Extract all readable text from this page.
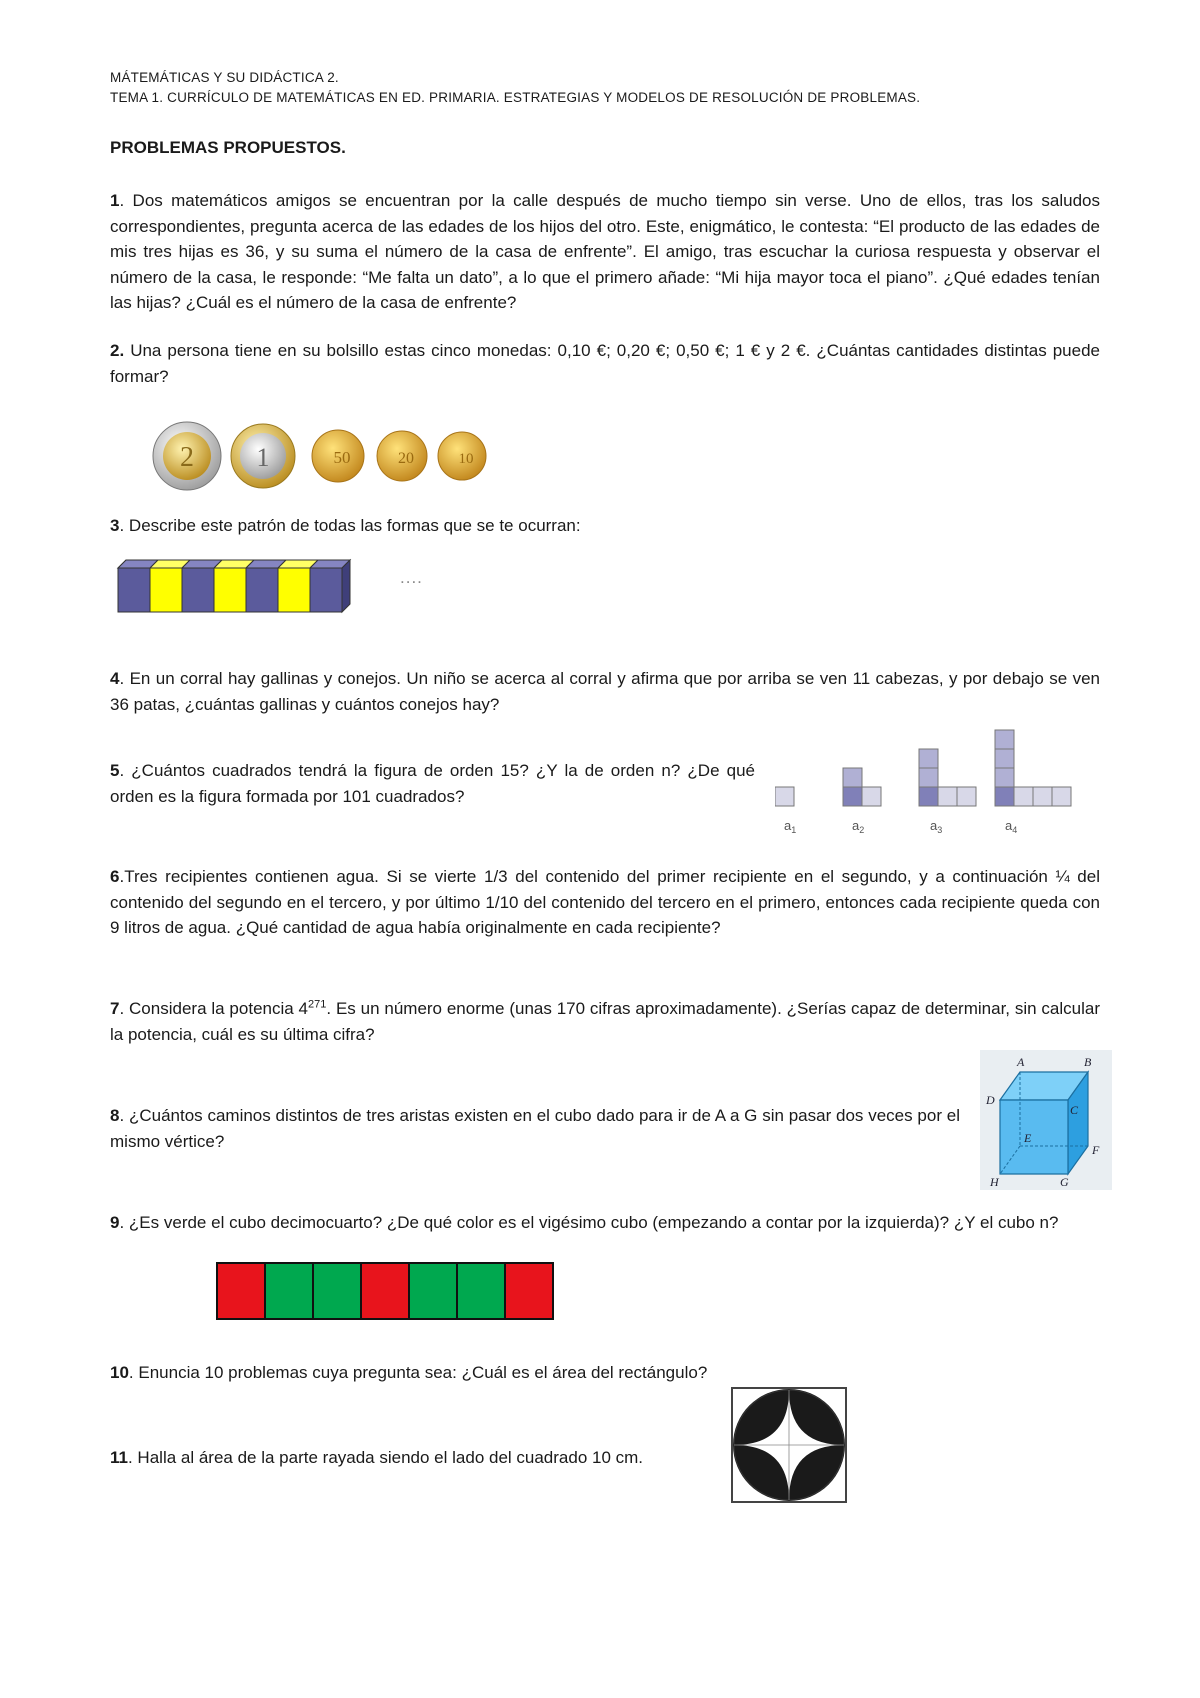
MÁTEMÁTICAS Y SU DIDÁCTICA 2.
TEMA 1. CURRÍCULO DE MATEMÁTICAS EN ED. PRIMARIA. ESTRATEGIAS Y MODELOS DE RESOLUCIÓN DE PROBLEMAS.
PROBLEMAS PROPUESTOS.
1. Dos matemáticos amigos se encuentran por la calle después de mucho tiempo sin verse. Uno de ellos, tras los saludos correspondientes, pregunta acerca de las edades de los hijos del otro. Este, enigmático, le contesta: “El producto de las edades de mis tres hijas es 36, y su suma el número de la casa de enfrente”. El amigo, tras escuchar la curiosa respuesta y observar el número de la casa, le responde: “Me falta un dato”, a lo que el primero añade: “Mi hija mayor toca el piano”. ¿Qué edades tenían las hijas? ¿Cuál es el número de la casa de enfrente?
2. Una persona tiene en su bolsillo estas cinco monedas: 0,10 €; 0,20 €; 0,50 €; 1 € y 2 €. ¿Cuántas cantidades distintas puede formar?
2 1	50	20	10
3. Describe este patrón de todas las formas que se te ocurran:
....
4. En un corral hay gallinas y conejos. Un niño se acerca al corral y afirma que por arriba se ven 11 cabezas, y por debajo se ven 36 patas, ¿cuántas gallinas y cuántos conejos hay?
5. ¿Cuántos cuadrados tendrá la figura de orden 15? ¿Y la de orden n? ¿De qué orden es la figura formada por 101 cuadrados?
$a_1$	$a_2$	$a_3$	$a_4$
6.Tres recipientes contienen agua. Si se vierte 1/3 del contenido del primer recipiente en el segundo, y a continuación ¼ del contenido del segundo en el tercero, y por último 1/10 del contenido del tercero en el primero, entonces cada recipiente queda con 9 litros de agua. ¿Qué cantidad de agua había originalmente en cada recipiente?
7. Considera la potencia $4^{271}$. Es un número enorme (unas 170 cifras aproximadamente). ¿Serías capaz de determinar, sin calcular la potencia, cuál es su última cifra?
8. ¿Cuántos caminos distintos de tres aristas existen en el cubo dado para ir de A a G sin pasar dos veces por el mismo vértice?
A	B
C
D
E
F
G
H
9. ¿Es verde el cubo decimocuarto? ¿De qué color es el vigésimo cubo (empezando a contar por la izquierda)? ¿Y el cubo n?
10. Enuncia 10 problemas cuya pregunta sea: ¿Cuál es el área del rectángulo?
11. Halla al área de la parte rayada siendo el lado del cuadrado 10 cm.
